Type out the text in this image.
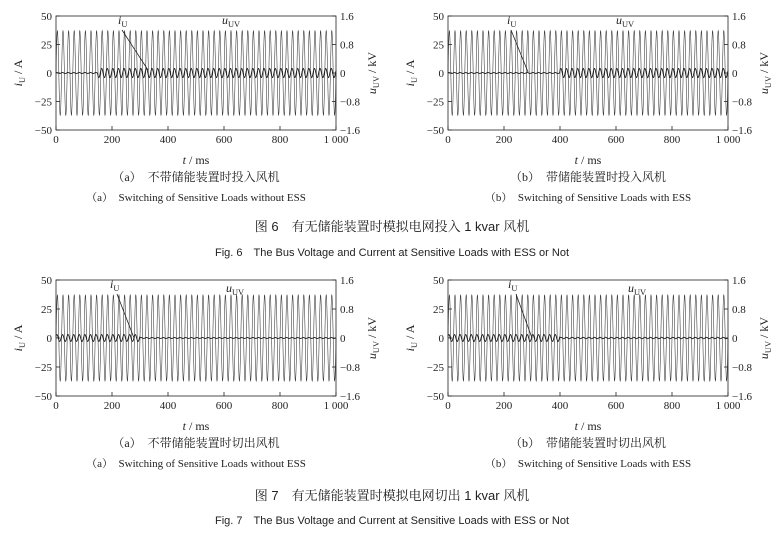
0	200	400	600	800	1 000
50
25
0
−25
−50
1.6
0.8
0
−0.8
−1.6
t / ms
$i_U$ / A
$u_{UV}$ / kV
$i_U$	$u_{UV}$
（a）　不带储能装置时投入风机
（a）　Switching of Sensitive Loads without ESS
0	200	400	600	800	1 000
50
25
0
−25
−50
1.6
0.8
0
−0.8
−1.6
t / ms
$i_U$ / A
$u_{UV}$ / kV
$i_U$	$u_{UV}$
（b）　带储能装置时投入风机
（b）　Switching of Sensitive Loads with ESS
0	200	400	600	800	1 000
50
25
0
−25
−50
1.6
0.8
0
−0.8
−1.6
t / ms
$i_U$ / A
$u_{UV}$ / kV
$i_U$	$u_{UV}$
（a）　不带储能装置时切出风机
（a）　Switching of Sensitive Loads without ESS
0	200	400	600	800	1 000
50
25
0
−25
−50
1.6
0.8
0
−0.8
−1.6
t / ms
$i_U$ / A
$u_{UV}$ / kV
$i_U$	$u_{UV}$
（b）　带储能装置时切出风机
（b）　Switching of Sensitive Loads with ESS
图 6　有无储能装置时模拟电网投入 1 kvar 风机
Fig. 6　The Bus Voltage and Current at Sensitive Loads with ESS or Not
图 7　有无储能装置时模拟电网切出 1 kvar 风机
Fig. 7　The Bus Voltage and Current at Sensitive Loads with ESS or Not
